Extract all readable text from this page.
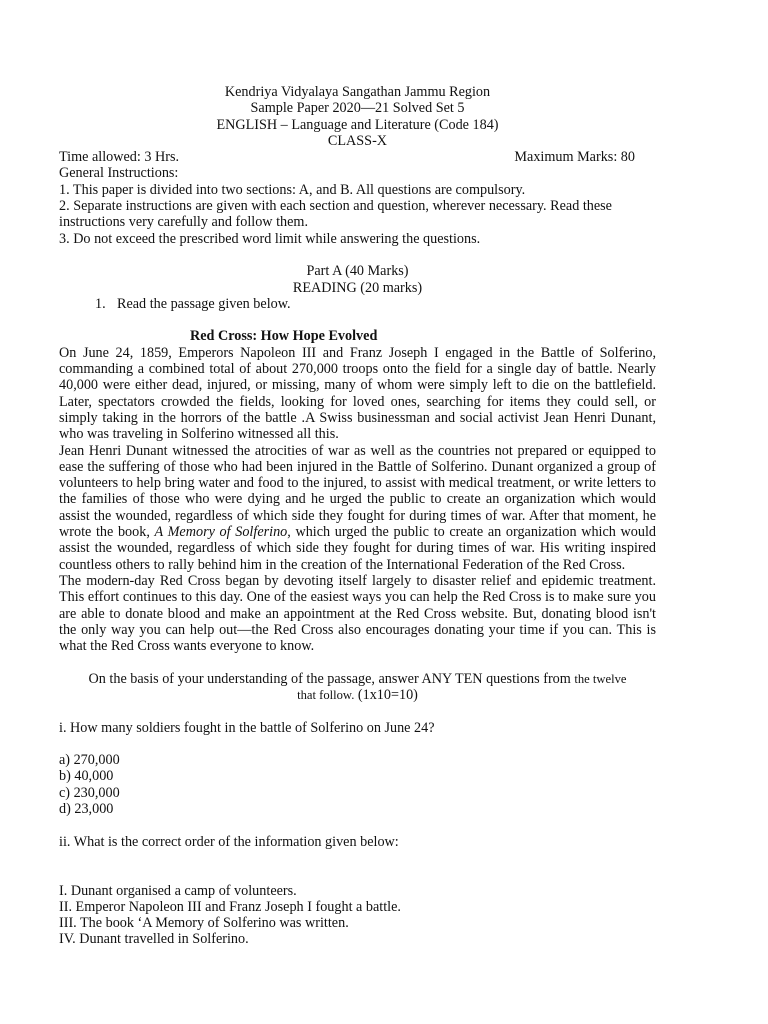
Kendriya Vidyalaya Sangathan Jammu Region

Sample Paper 2020—21 Solved Set 5

ENGLISH – Language and Literature (Code 184)

CLASS-X

Time allowed: 3 Hrs.	Maximum Marks: 80

General Instructions:

1. This paper is divided into two sections: A, and B. All questions are compulsory.

2. Separate instructions are given with each section and question, wherever necessary. Read these instructions very carefully and follow them.

3. Do not exceed the prescribed word limit while answering the questions.

Part A (40 Marks)

READING (20 marks)

1. Read the passage given below.

Red Cross: How Hope Evolved

On June 24, 1859, Emperors Napoleon III and Franz Joseph I engaged in the Battle of Solferino, commanding a combined total of about 270,000 troops onto the field for a single day of battle. Nearly 40,000 were either dead, injured, or missing, many of whom were simply left to die on the battlefield. Later, spectators crowded the fields, looking for loved ones, searching for items they could sell, or simply taking in the horrors of the battle .A Swiss businessman and social activist Jean Henri Dunant, who was traveling in Solferino witnessed all this.

Jean Henri Dunant witnessed the atrocities of war as well as the countries not prepared or equipped to ease the suffering of those who had been injured in the Battle of Solferino. Dunant organized a group of volunteers to help bring water and food to the injured, to assist with medical treatment, or write letters to the families of those who were dying and he urged the public to create an organization which would assist the wounded, regardless of which side they fought for during times of war. After that moment, he wrote the book, A Memory of Solferino, which urged the public to create an organization which would assist the wounded, regardless of which side they fought for during times of war. His writing inspired countless others to rally behind him in the creation of the International Federation of the Red Cross.

The modern-day Red Cross began by devoting itself largely to disaster relief and epidemic treatment. This effort continues to this day. One of the easiest ways you can help the Red Cross is to make sure you are able to donate blood and make an appointment at the Red Cross website. But, donating blood isn't the only way you can help out—the Red Cross also encourages donating your time if you can. This is what the Red Cross wants everyone to know.

On the basis of your understanding of the passage, answer ANY TEN questions from the twelve
that follow. (1x10=10)

i. How many soldiers fought in the battle of Solferino on June 24?

a) 270,000

b) 40,000

c) 230,000

d) 23,000

ii. What is the correct order of the information given below:

I. Dunant organised a camp of volunteers.

II. Emperor Napoleon III and Franz Joseph I fought a battle.

III. The book ‘A Memory of Solferino was written.

IV. Dunant travelled in Solferino.
